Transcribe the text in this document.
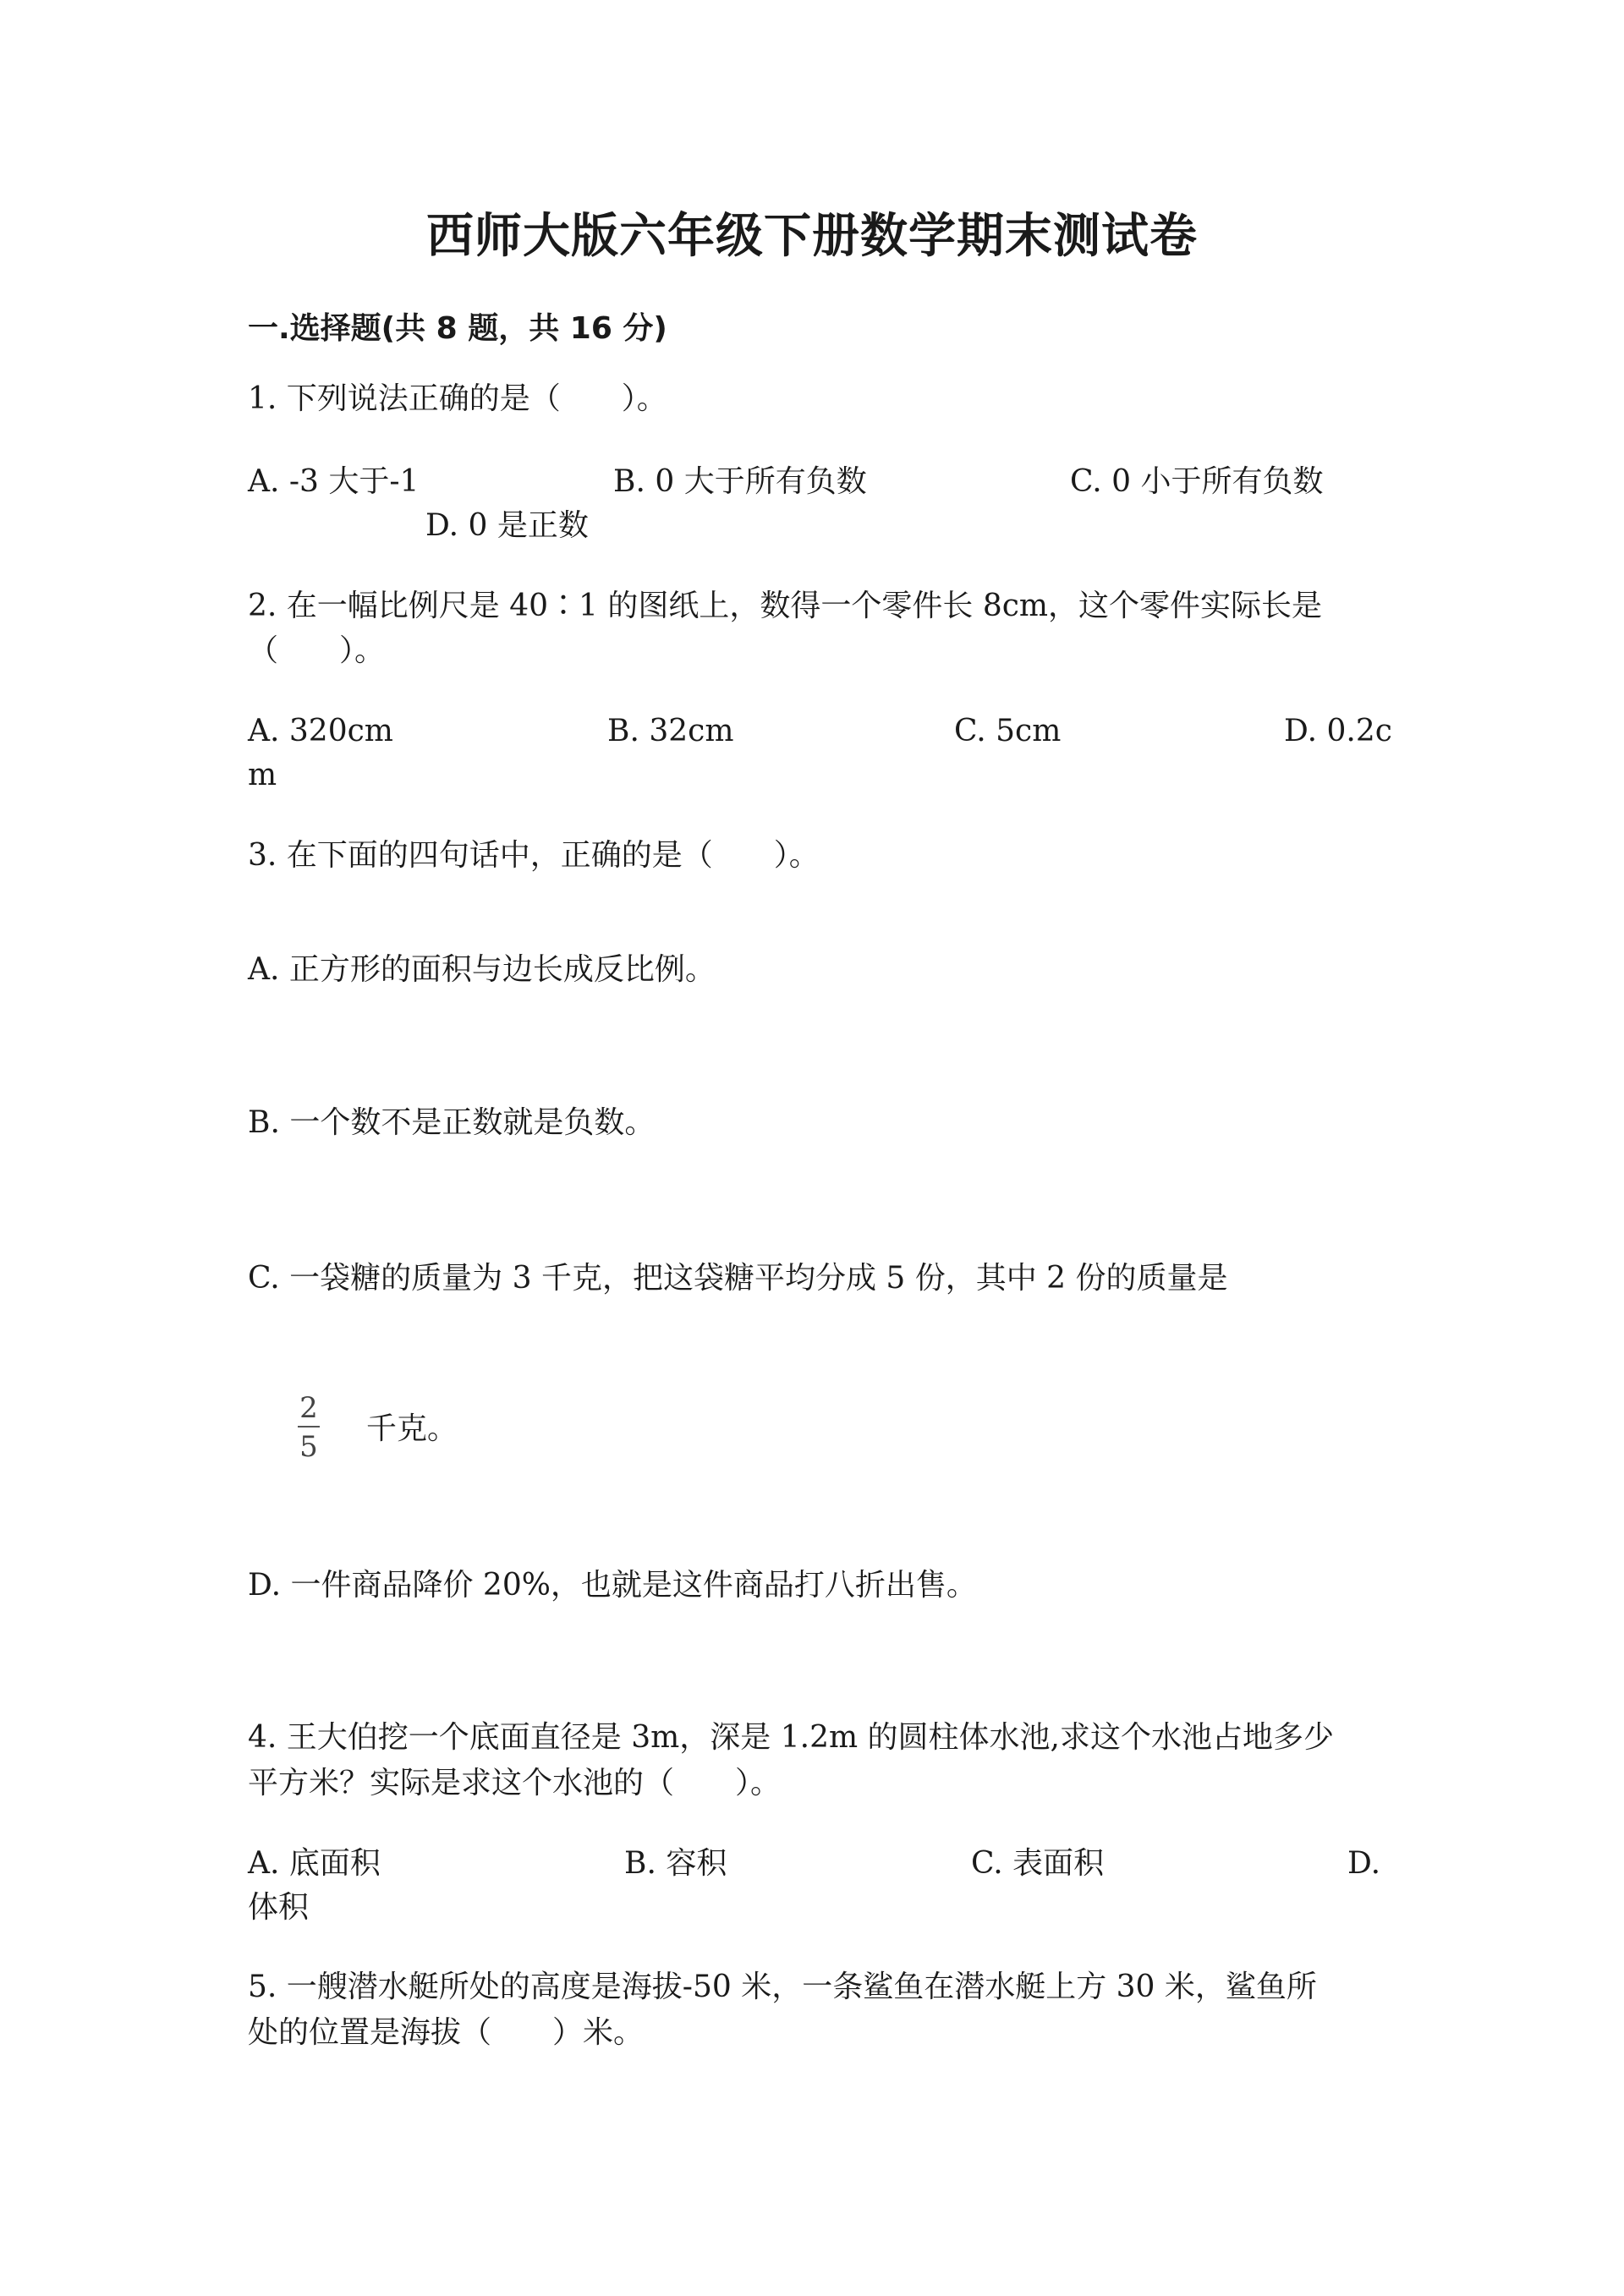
西师大版六年级下册数学期末测试卷
一.选择题(共 8 题，共 16 分)
1. 下列说法正确的是（　　）。
A. -3 大于-1	B. 0 大于所有负数	C. 0 小于所有负数
D. 0 是正数
2. 在一幅比例尺是 40∶1 的图纸上，数得一个零件长 8cm，这个零件实际长是
（　　）。
A. 320cm	B. 32cm	C. 5cm	D. 0.2c
m
3. 在下面的四句话中，正确的是（　　）。
A. 正方形的面积与边长成反比例。
B. 一个数不是正数就是负数。
C. 一袋糖的质量为 3 千克，把这袋糖平均分成 5 份，其中 2 份的质量是
2
5
千克。
D. 一件商品降价 20%，也就是这件商品打八折出售。
4. 王大伯挖一个底面直径是 3m，深是 1.2m 的圆柱体水池,求这个水池占地多少
平方米？实际是求这个水池的（　　）。
A. 底面积	B. 容积	C. 表面积	D.
体积
5. 一艘潜水艇所处的高度是海拔-50 米，一条鲨鱼在潜水艇上方 30 米，鲨鱼所
处的位置是海拔（　　）米。
